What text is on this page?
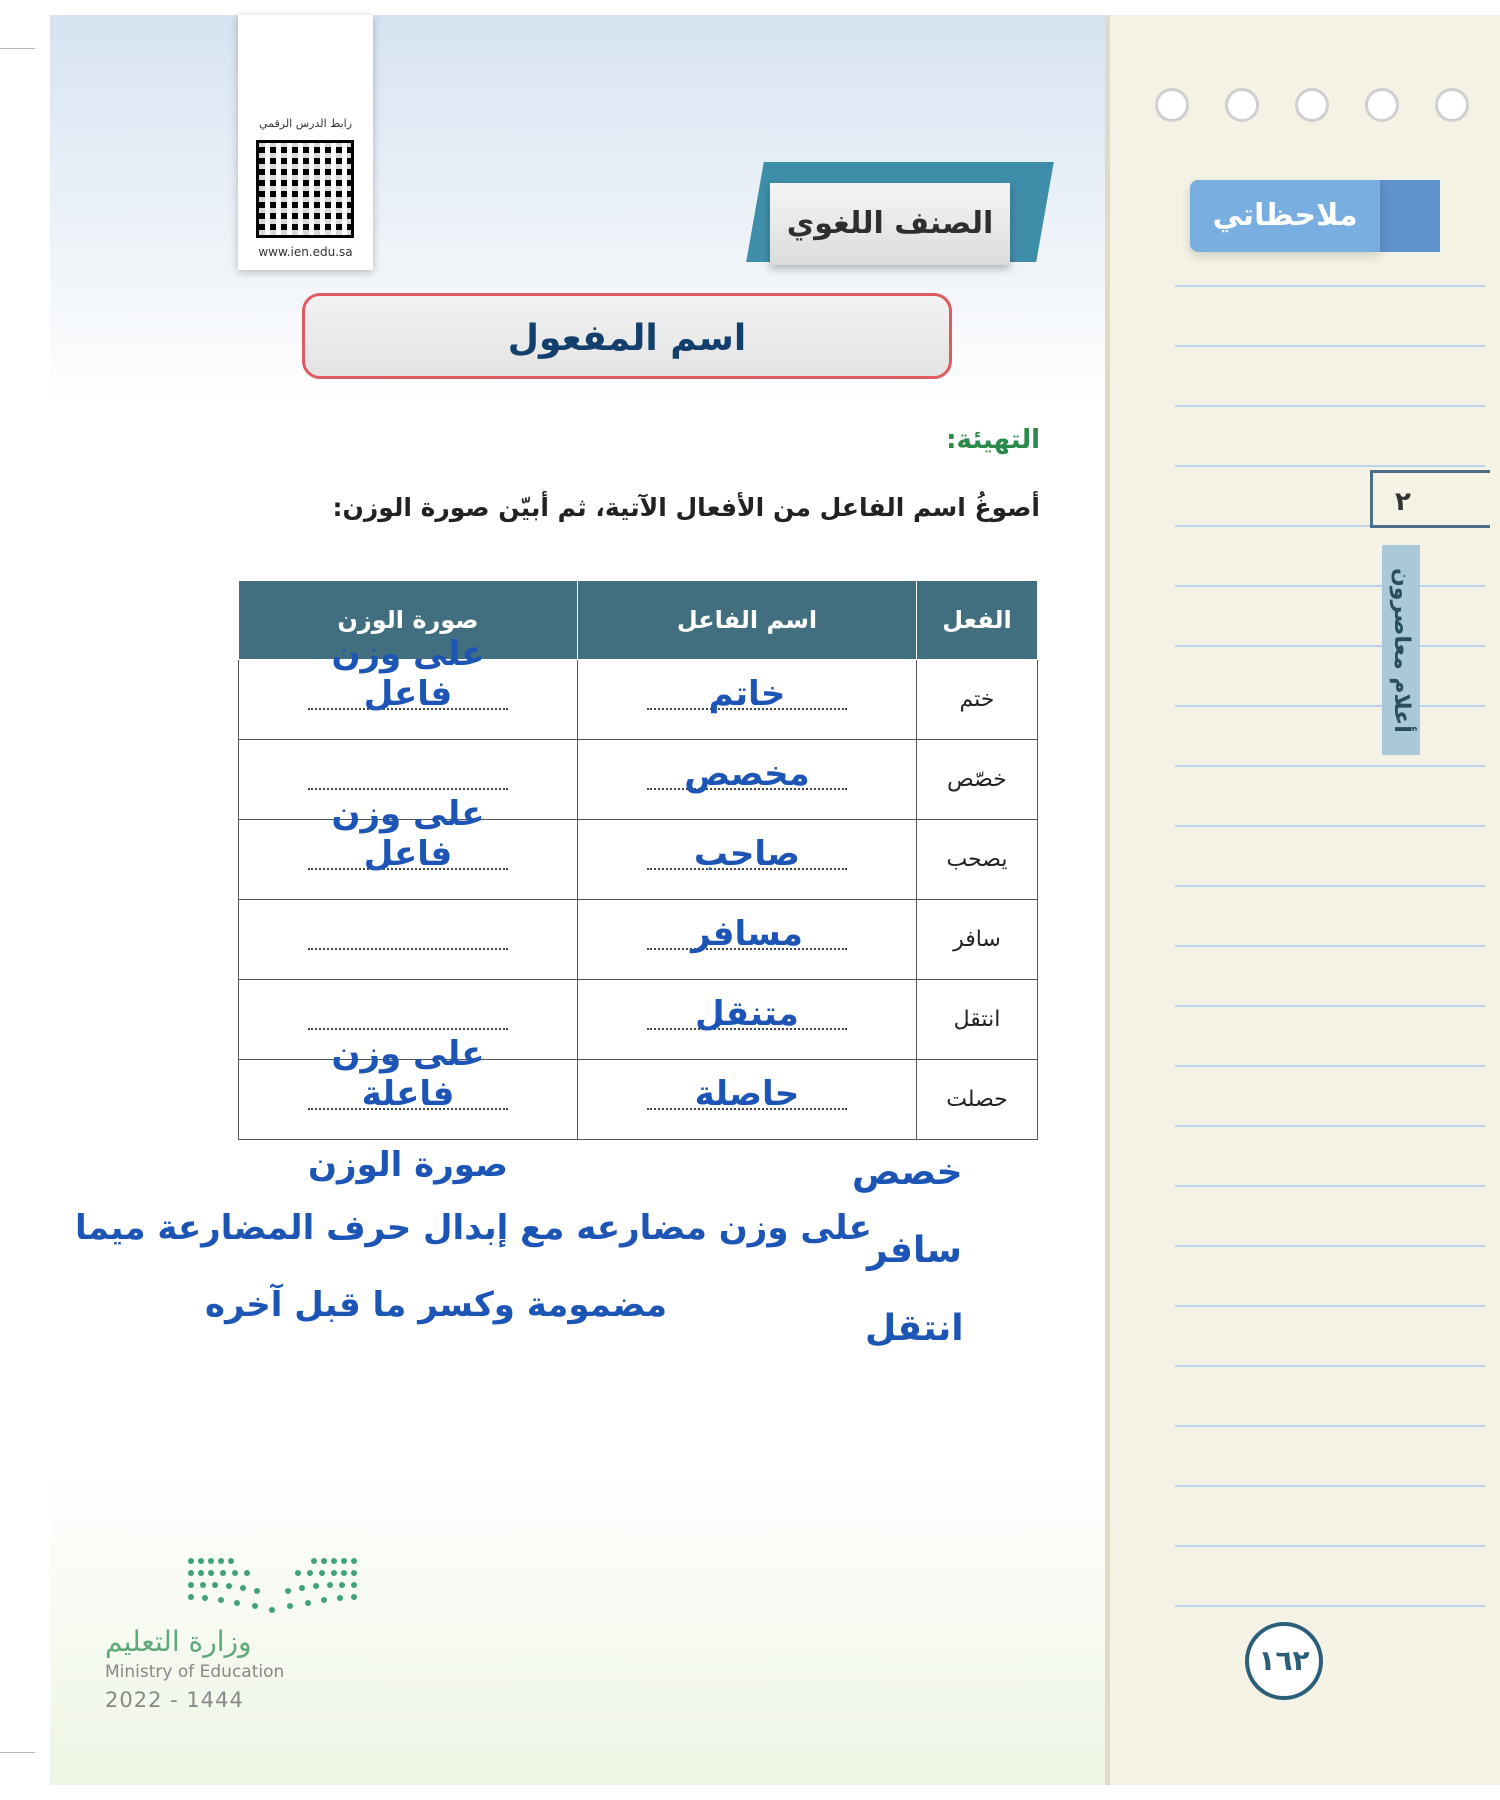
ملاحظاتي
٢
أعلام معاصرون
١٦٢
رابط الدرس الرقمي
www.ien.edu.sa
الصنف اللغوي
اسم المفعول
التهيئة:
أصوغُ اسم الفاعل من الأفعال الآتية، ثم أبيّن صورة الوزن:
الفعل	اسم الفاعل	صورة الوزن
ختم	خاتم	على وزن فاعل

خصّص	مخصص	

يصحب	صاحب	على وزن فاعل

سافر	مسافر	

انتقل	متنقل	

حصلت	حاصلة	على وزن فاعلة
صورة الوزن
على وزن مضارعه مع إبدال حرف المضارعة ميما
مضمومة وكسر ما قبل آخره
خصص
سافر
انتقل
وزارة التعليم
Ministry of Education
2022 - 1444
